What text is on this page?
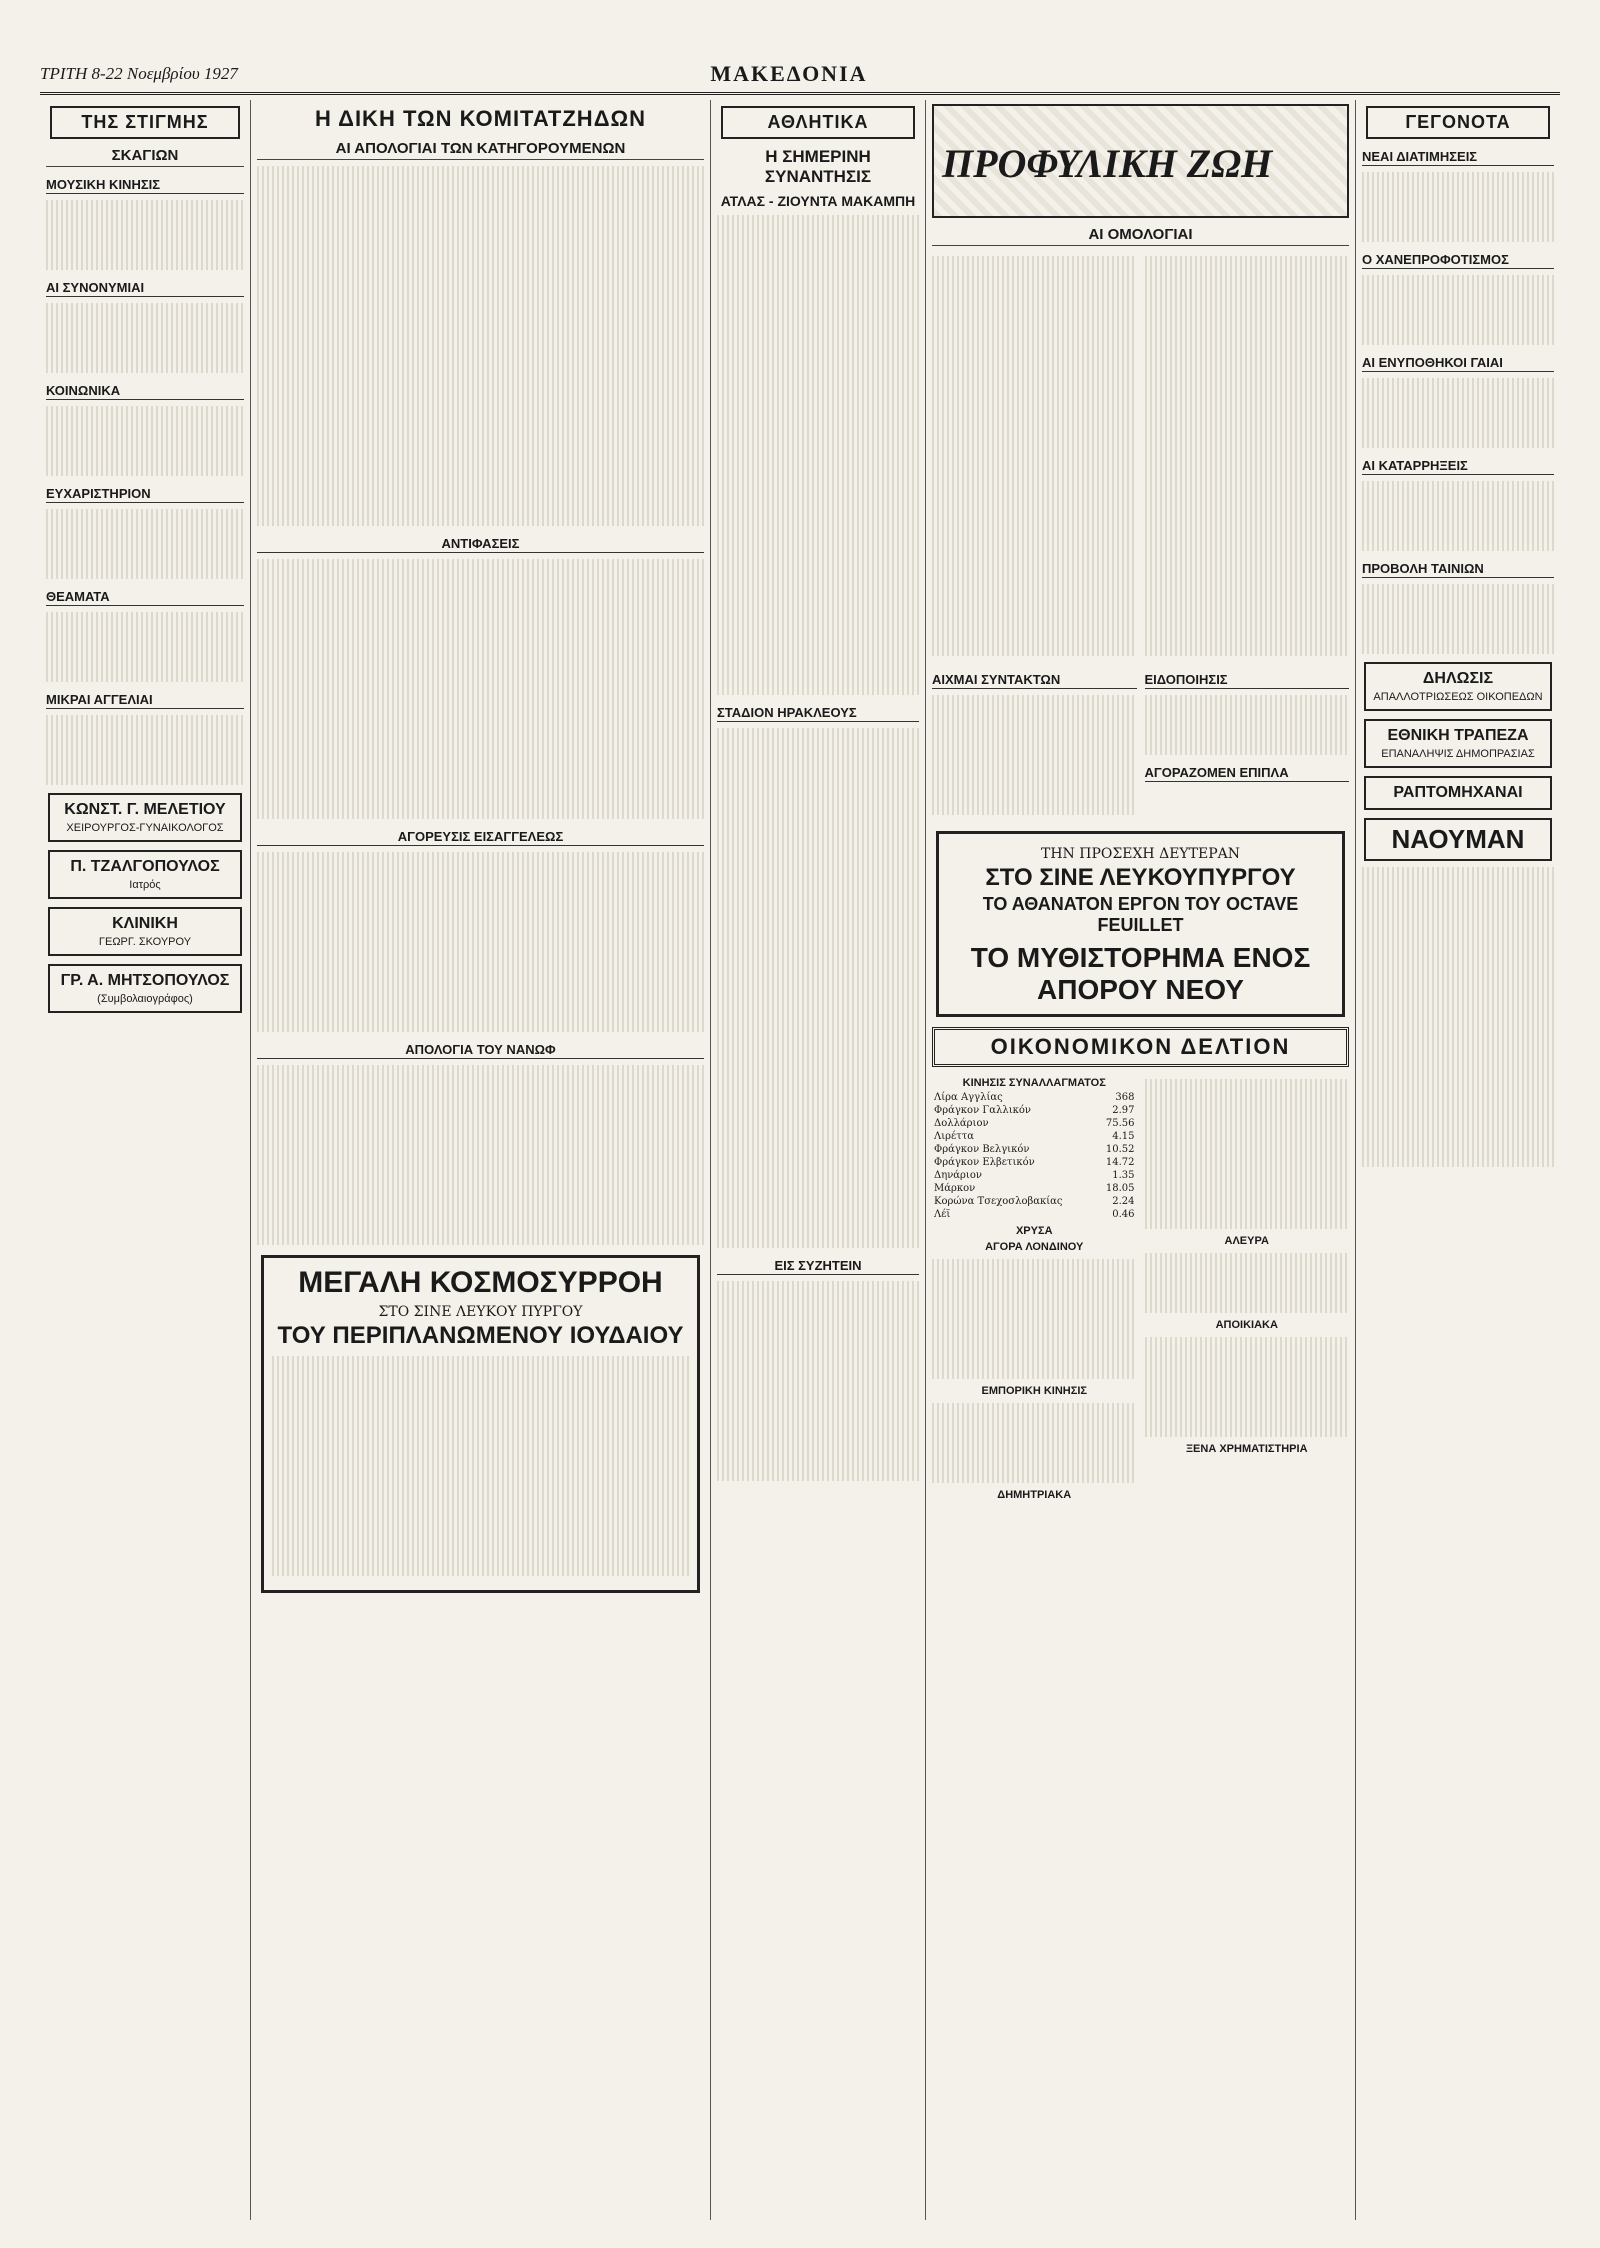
ΤΡΙΤΗ 8-22 Νοεμβρίου 1927	ΜΑΚΕΔΟΝΙΑ
ΤΗΣ ΣΤΙΓΜΗΣ
ΣΚΑΓΙΩΝ

ΜΟΥΣΙΚΗ ΚΙΝΗΣΙΣ
ΑΙ ΣΥΝΟΝΥΜΙΑΙ
ΚΟΙΝΩΝΙΚΑ
ΕΥΧΑΡΙΣΤΗΡΙΟΝ
ΘΕΑΜΑΤΑ
ΜΙΚΡΑΙ ΑΓΓΕΛΙΑΙ
ΚΩΝΣΤ. Γ. ΜΕΛΕΤΙΟΥ
ΧΕΙΡΟΥΡΓΟΣ-ΓΥΝΑΙΚΟΛΟΓΟΣ
Π. ΤΖΑΛΓΟΠΟΥΛΟΣ
Ιατρός
ΚΛΙΝΙΚΗ
ΓΕΩΡΓ. ΣΚΟΥΡΟΥ
ΓΡ. Α. ΜΗΤΣΟΠΟΥΛΟΣ
(Συμβολαιογράφος)
Η ΔΙΚΗ ΤΩΝ ΚΟΜΙΤΑΤΖΗΔΩΝ
ΑΙ ΑΠΟΛΟΓΙΑΙ ΤΩΝ ΚΑΤΗΓΟΡΟΥΜΕΝΩΝ
ΑΝΤΙΦΑΣΕΙΣ
ΑΓΟΡΕΥΣΙΣ ΕΙΣΑΓΓΕΛΕΩΣ
ΑΠΟΛΟΓΙΑ ΤΟΥ ΝΑΝΩΦ
ΜΕΓΑΛΗ ΚΟΣΜΟΣΥΡΡΟΗ
ΣΤΟ ΣΙΝΕ ΛΕΥΚΟΥ ΠΥΡΓΟΥ
ΤΟΥ ΠΕΡΙΠΛΑΝΩΜΕΝΟΥ ΙΟΥΔΑΙΟΥ
ΑΘΛΗΤΙΚΑ
Η ΣΗΜΕΡΙΝΗ ΣΥΝΑΝΤΗΣΙΣ
ΑΤΛΑΣ - ΖΙΟΥΝΤΑ ΜΑΚΑΜΠΗ
ΣΤΑΔΙΟΝ ΗΡΑΚΛΕΟΥΣ
ΕΙΣ ΣΥΖΗΤΕΙΝ
ΠΡΟΦΥΛΙΚΗ ΖΩΗ
ΑΙ ΟΜΟΛΟΓΙΑΙ
ΑΙΧΜΑΙ ΣΥΝΤΑΚΤΩΝ	ΕΙΔΟΠΟΙΗΣΙΣ
ΑΓΟΡΑΖΟΜΕΝ ΕΠΙΠΛΑ
ΤΗΝ ΠΡΟΣΕΧΗ ΔΕΥΤΕΡΑΝ
ΣΤΟ ΣΙΝΕ ΛΕΥΚΟΥΠΥΡΓΟΥ
ΤΟ ΑΘΑΝΑΤΟΝ ΕΡΓΟΝ ΤΟΥ OCTAVE FEUILLET
ΤΟ ΜΥΘΙΣΤΟΡΗΜΑ ΕΝΟΣ ΑΠΟΡΟΥ ΝΕΟΥ
ΟΙΚΟΝΟΜΙΚΟΝ ΔΕΛΤΙΟΝ
ΚΙΝΗΣΙΣ ΣΥΝΑΛΛΑΓΜΑΤΟΣ
Λίρα Αγγλίας	368
Φράγκον Γαλλικόν	2.97
Δολλάριον	75.56
Λιρέττα	4.15
Φράγκον Βελγικόν	10.52
Φράγκον Ελβετικόν	14.72
Δηνάριον	1.35
Μάρκον	18.05
Κορώνα Τσεχοσλοβακίας	2.24
Λέϊ	0.46
ΧΡΥΣΑ
ΑΓΟΡΑ ΛΟΝΔΙΝΟΥ
ΕΜΠΟΡΙΚΗ ΚΙΝΗΣΙΣ
ΔΗΜΗΤΡΙΑΚΑ
ΑΛΕΥΡΑ
ΑΠΟΙΚΙΑΚΑ
ΞΕΝΑ ΧΡΗΜΑΤΙΣΤΗΡΙΑ
ΓΕΓΟΝΟΤΑ
ΝΕΑΙ ΔΙΑΤΙΜΗΣΕΙΣ
Ο ΧΑΝΕΠΡΟΦΟΤΙΣΜΟΣ
ΑΙ ΕΝΥΠΟΘΗΚΟΙ ΓΑΙΑΙ
ΑΙ ΚΑΤΑΡΡΗΞΕΙΣ
ΠΡΟΒΟΛΗ ΤΑΙΝΙΩΝ
ΔΗΛΩΣΙΣ
ΑΠΑΛΛΟΤΡΙΩΣΕΩΣ ΟΙΚΟΠΕΔΩΝ
ΕΘΝΙΚΗ ΤΡΑΠΕΖΑ
ΕΠΑΝΑΛΗΨΙΣ ΔΗΜΟΠΡΑΣΙΑΣ
ΡΑΠΤΟΜΗΧΑΝΑΙ
ΝΑΟΥΜΑΝ
